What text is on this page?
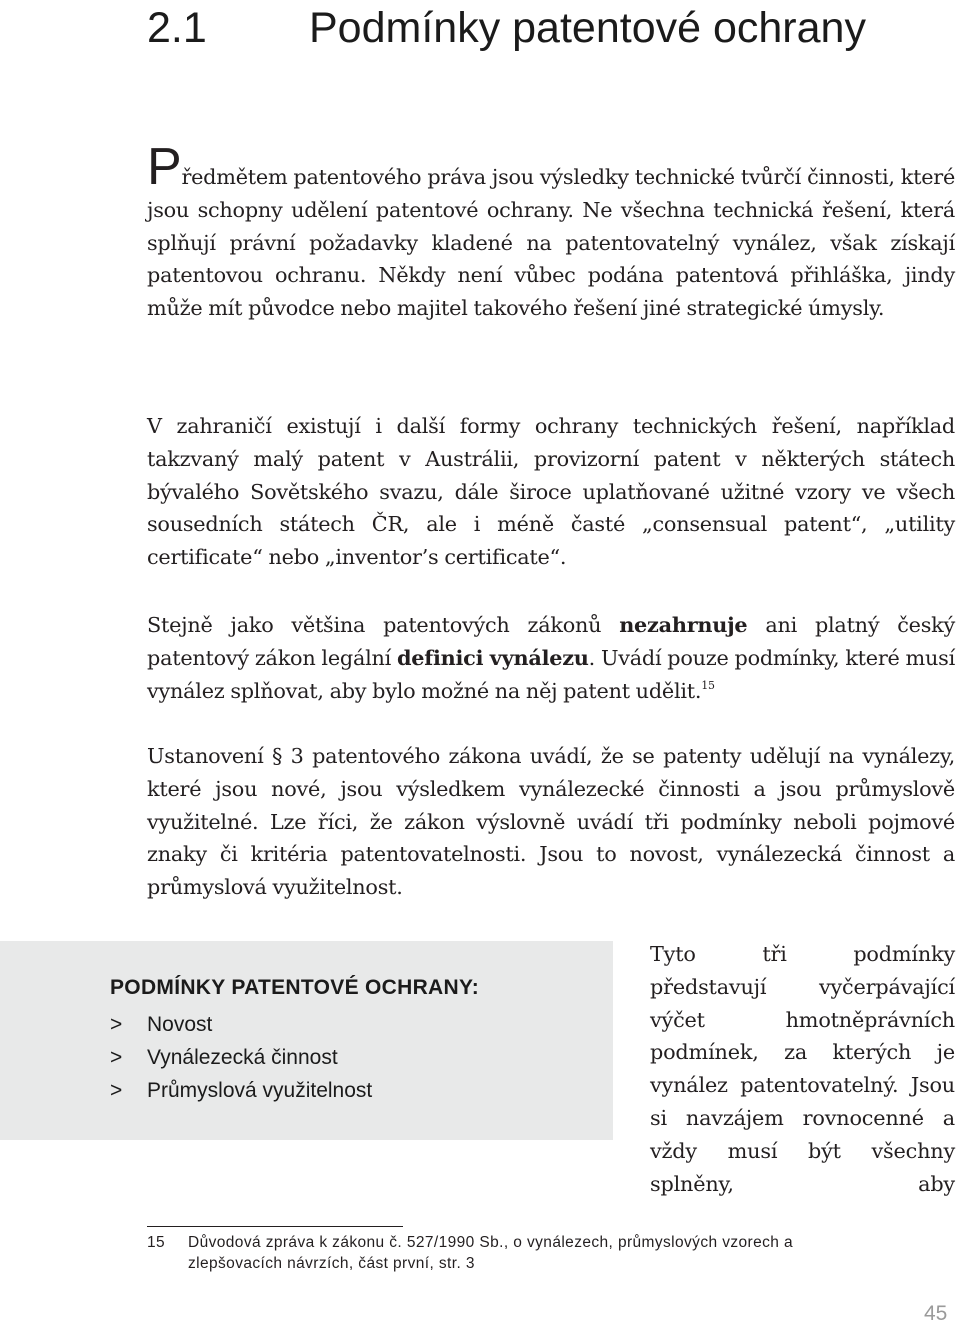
2.1 Podmínky patentové ochrany

Předmětem patentového práva jsou výsledky technické tvůrčí činnosti, které jsou schopny udělení patentové ochrany. Ne všechna technická řešení, která splňují právní požadavky kladené na patentovatelný vynález, však získají patentovou ochranu. Někdy není vůbec podána patentová přihláška, jindy může mít původce nebo majitel takového řešení jiné strategické úmysly.

V zahraničí existují i další formy ochrany technických řešení, například takzvaný malý patent v Austrálii, provizorní patent v některých státech bývalého Sovětského svazu, dále široce uplatňované užitné vzory ve všech sousedních státech ČR, ale i méně časté „consensual patent“, „utility certificate“ nebo „inventor’s certificate“.

Stejně jako většina patentových zákonů nezahrnuje ani platný český patentový zákon legální definici vynálezu. Uvádí pouze podmínky, které musí vynález splňovat, aby bylo možné na něj patent udělit.$^{15}$

Ustanovení § 3 patentového zákona uvádí, že se patenty udělují na vynálezy, které jsou nové, jsou výsledkem vynálezecké činnosti a jsou průmyslově využitelné. Lze říci, že zákon výslovně uvádí tři podmínky neboli pojmové znaky či kritéria patentovatelnosti. Jsou to novost, vynálezecká činnost a průmyslová využitelnost.

PODMÍNKY PATENTOVÉ OCHRANY:
> Novost
> Vynálezecká činnost
> Průmyslová využitelnost

Tyto tři podmínky představují vyčerpávající výčet hmotněprávních podmínek, za kterých je vynález patentovatelný. Jsou si navzájem rovnocenné a vždy musí být všechny splněny, aby

15 Důvodová zpráva k zákonu č. 527/1990 Sb., o vynálezech, průmyslových vzorech a zlepšovacích návrzích, část první, str. 3

45
